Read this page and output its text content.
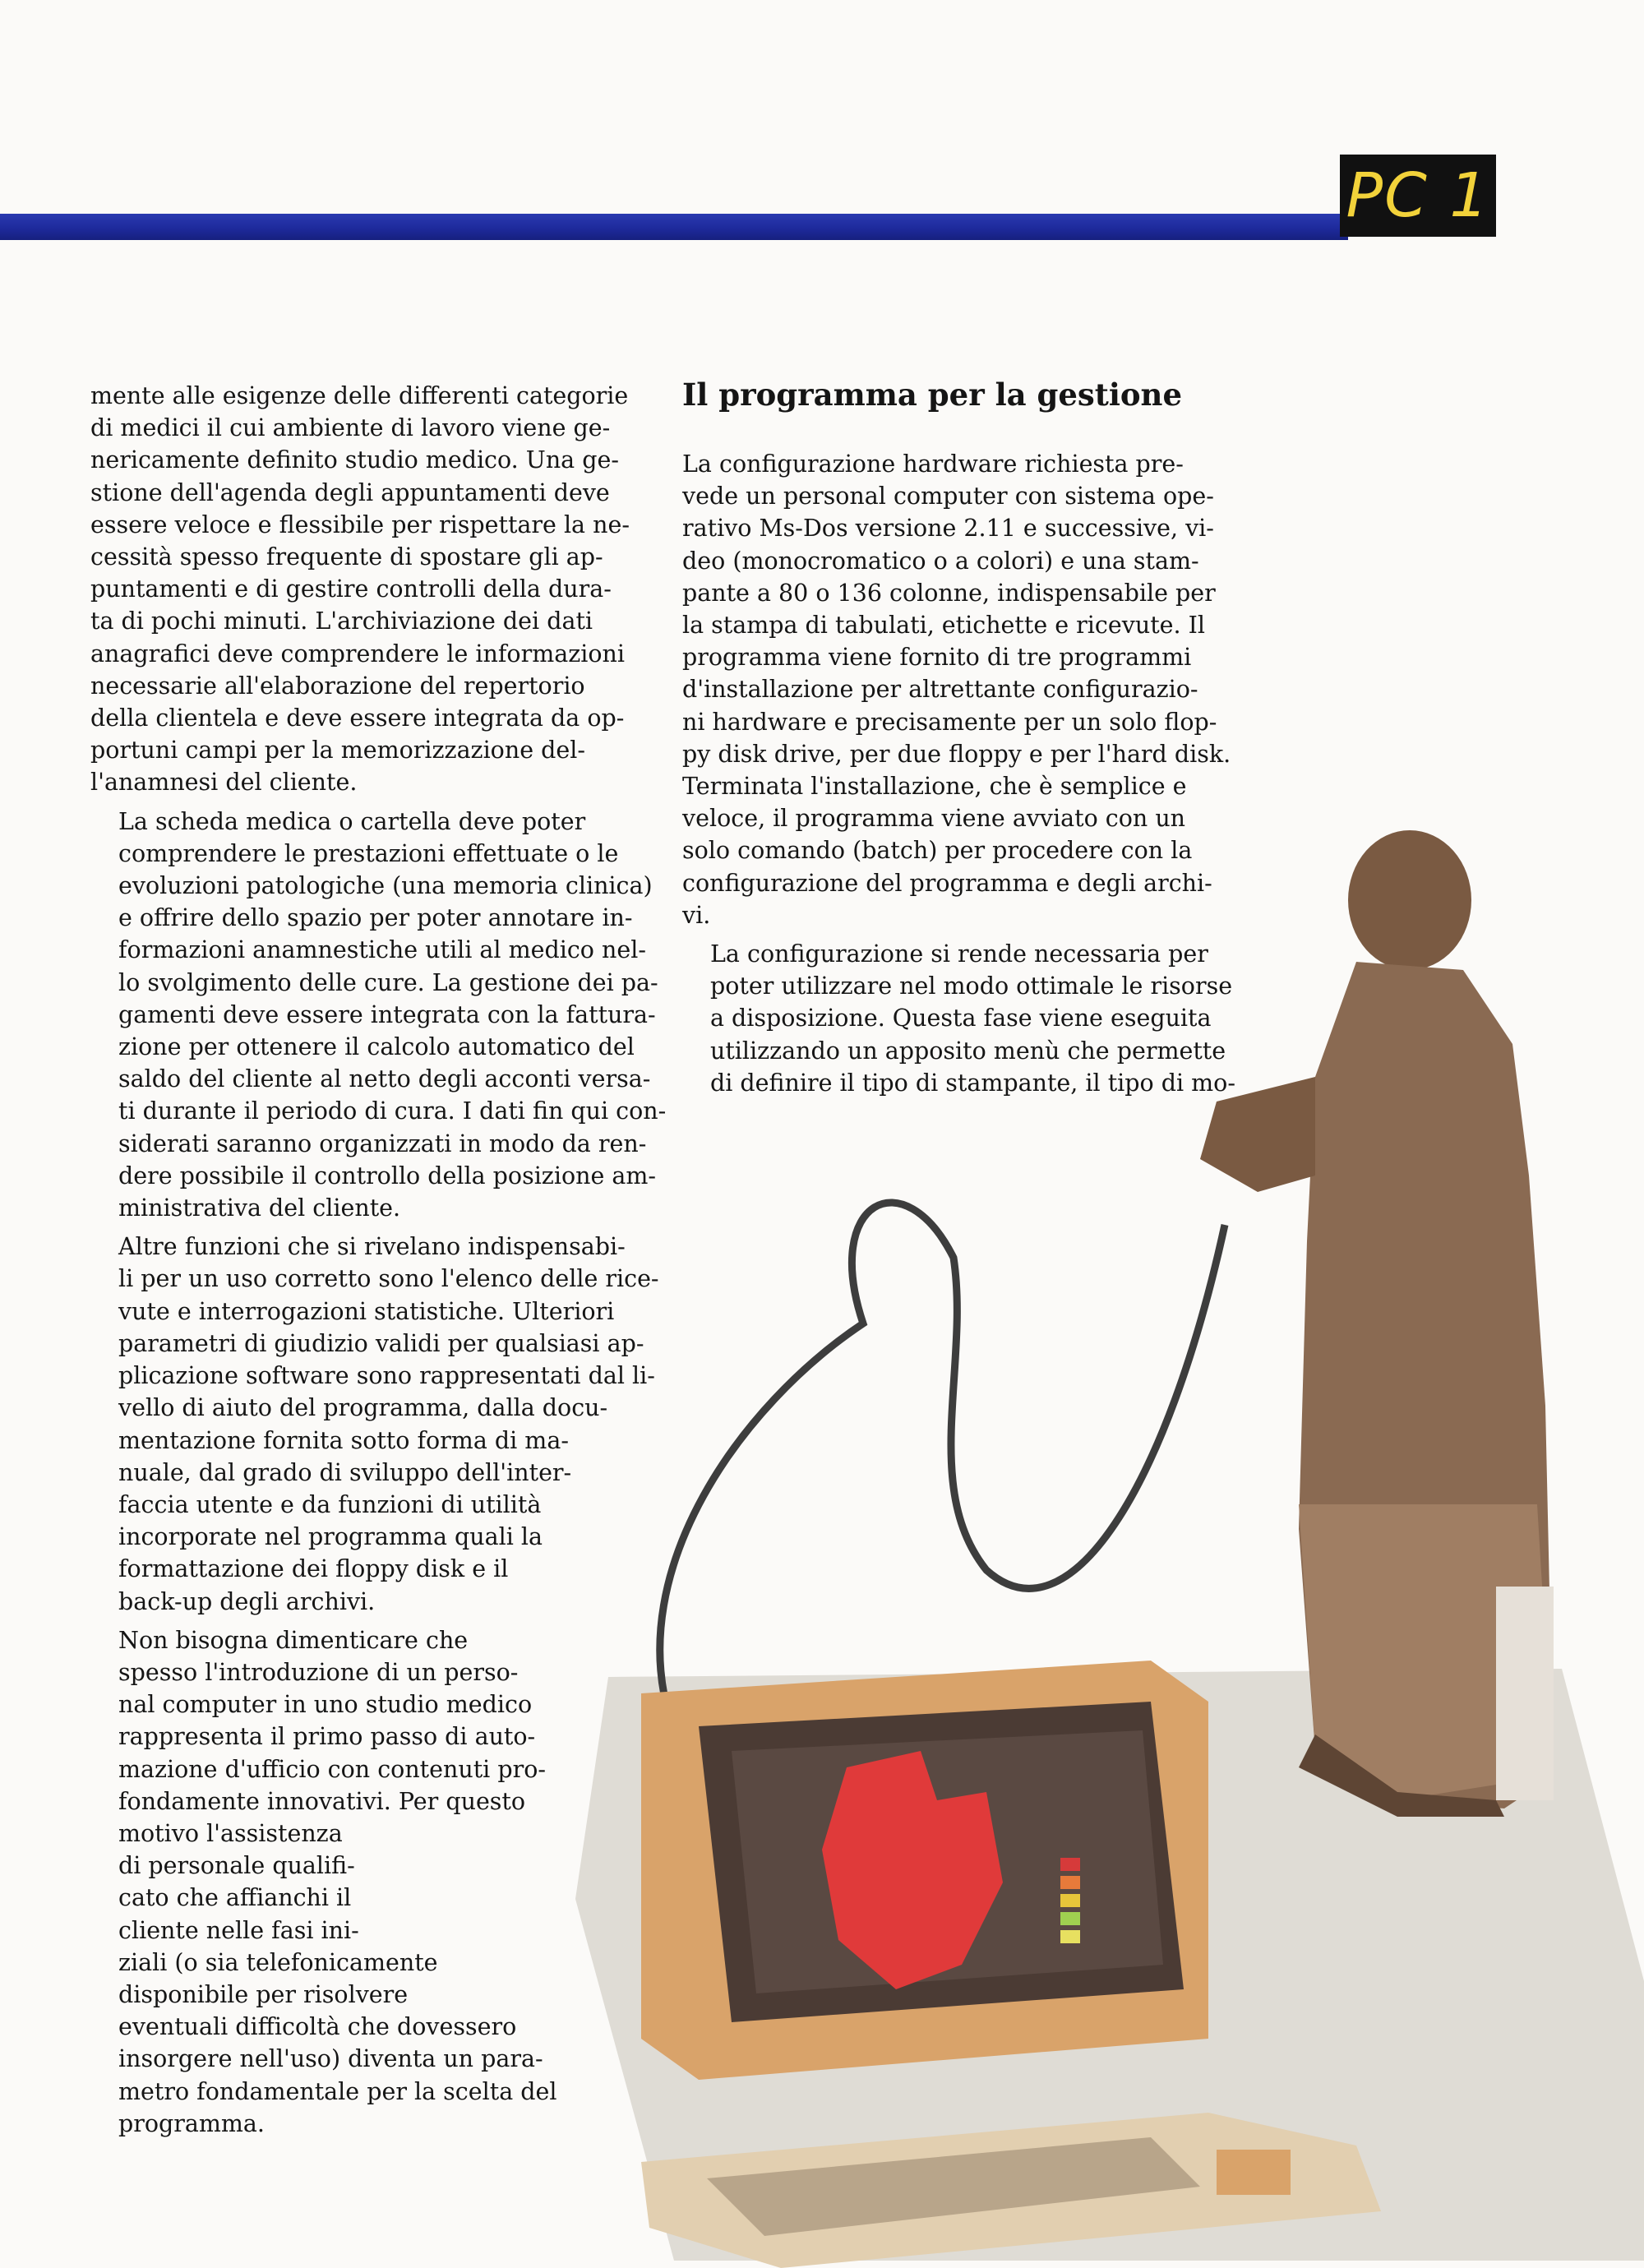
PC 1

mente alle esigenze delle differenti categorie
di medici il cui ambiente di lavoro viene ge-
nericamente definito studio medico. Una ge-
stione dell'agenda degli appuntamenti deve
essere veloce e flessibile per rispettare la ne-
cessità spesso frequente di spostare gli ap-
puntamenti e di gestire controlli della dura-
ta di pochi minuti. L'archiviazione dei dati
anagrafici deve comprendere le informazioni
necessarie all'elaborazione del repertorio
della clientela e deve essere integrata da op-
portuni campi per la memorizzazione del-
l'anamnesi del cliente.

La scheda medica o cartella deve poter
comprendere le prestazioni effettuate o le
evoluzioni patologiche (una memoria clinica)
e offrire dello spazio per poter annotare in-
formazioni anamnestiche utili al medico nel-
lo svolgimento delle cure. La gestione dei pa-
gamenti deve essere integrata con la fattura-
zione per ottenere il calcolo automatico del
saldo del cliente al netto degli acconti versa-
ti durante il periodo di cura. I dati fin qui con-
siderati saranno organizzati in modo da ren-
dere possibile il controllo della posizione am-
ministrativa del cliente.

Altre funzioni che si rivelano indispensabi-
li per un uso corretto sono l'elenco delle rice-
vute e interrogazioni statistiche. Ulteriori
parametri di giudizio validi per qualsiasi ap-
plicazione software sono rappresentati dal li-
vello di aiuto del programma, dalla docu-
mentazione fornita sotto forma di ma-
nuale, dal grado di sviluppo dell'inter-
faccia utente e da funzioni di utilità
incorporate nel programma quali la
formattazione dei floppy disk e il
back-up degli archivi.

Non bisogna dimenticare che
spesso l'introduzione di un perso-
nal computer in uno studio medico
rappresenta il primo passo di auto-
mazione d'ufficio con contenuti pro-
fondamente innovativi. Per questo
motivo l'assistenza
di personale qualifi-
cato che affianchi il
cliente nelle fasi ini-
ziali (o sia telefonicamente
disponibile per risolvere
eventuali difficoltà che dovessero
insorgere nell'uso) diventa un para-
metro fondamentale per la scelta del
programma.

Il programma per la gestione

La configurazione hardware richiesta pre-
vede un personal computer con sistema ope-
rativo Ms-Dos versione 2.11 e successive, vi-
deo (monocromatico o a colori) e una stam-
pante a 80 o 136 colonne, indispensabile per
la stampa di tabulati, etichette e ricevute. Il
programma viene fornito di tre programmi
d'installazione per altrettante configurazio-
ni hardware e precisamente per un solo flop-
py disk drive, per due floppy e per l'hard disk.
Terminata l'installazione, che è semplice e
veloce, il programma viene avviato con un
solo comando (batch) per procedere con la
configurazione del programma e degli archi-
vi.

La configurazione si rende necessaria per
poter utilizzare nel modo ottimale le risorse
a disposizione. Questa fase viene eseguita
utilizzando un apposito menù che permette
di definire il tipo di stampante, il tipo di mo-
